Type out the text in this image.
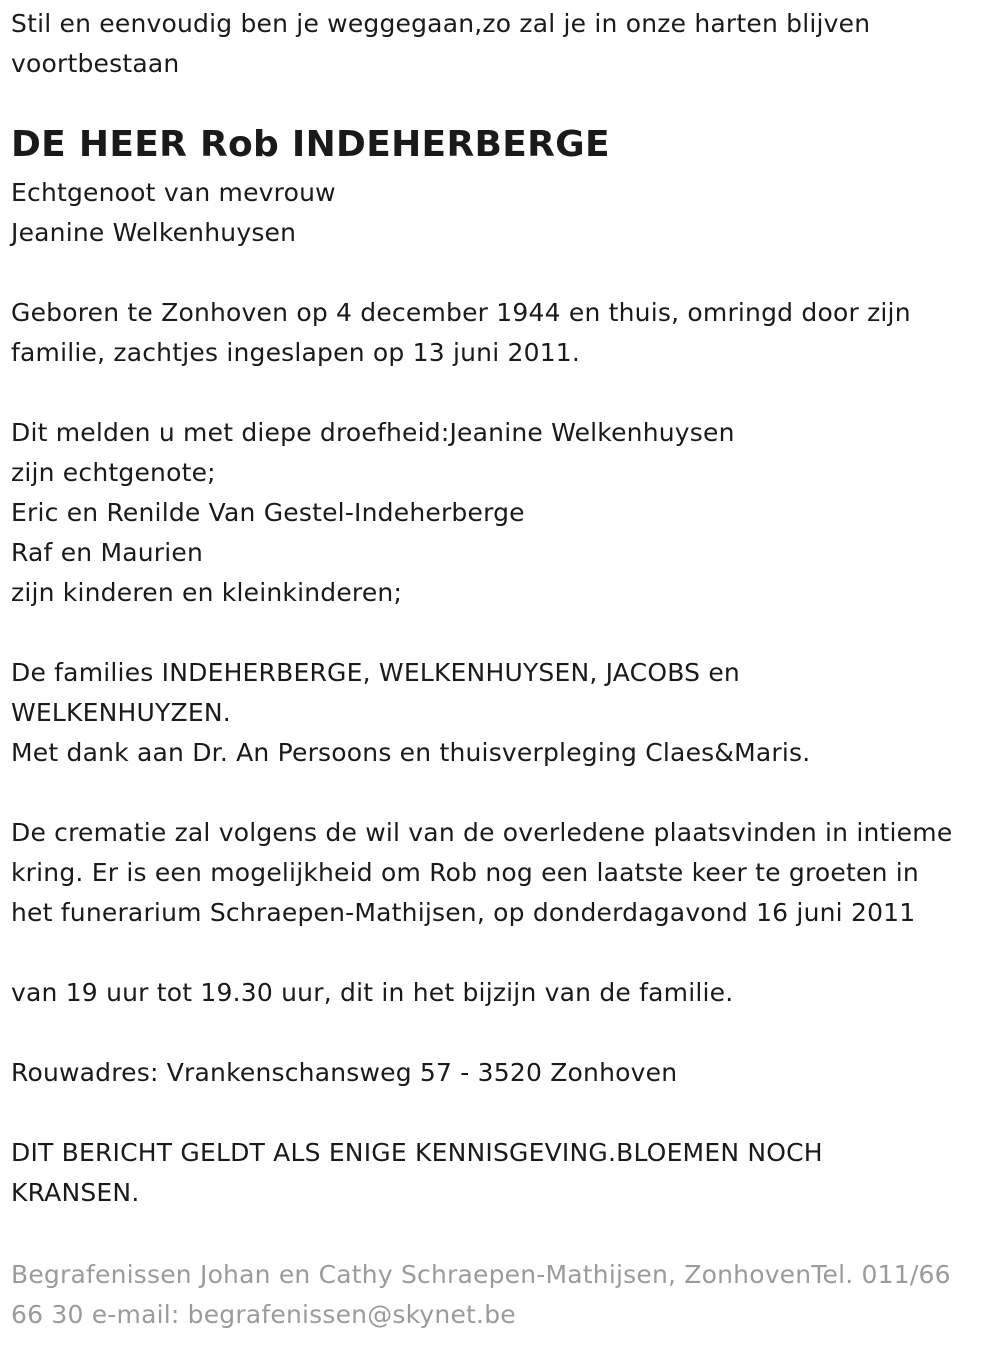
Stil en eenvoudig ben je weggegaan,zo zal je in onze harten blijven

voortbestaan

DE HEER Rob INDEHERBERGE

Echtgenoot van mevrouw

Jeanine Welkenhuysen

Geboren te Zonhoven op 4 december 1944 en thuis, omringd door zijn

familie, zachtjes ingeslapen op 13 juni 2011.

Dit melden u met diepe droefheid:Jeanine Welkenhuysen

zijn echtgenote;

Eric en Renilde Van Gestel-Indeherberge

Raf en Maurien

zijn kinderen en kleinkinderen;

De families INDEHERBERGE, WELKENHUYSEN, JACOBS en

WELKENHUYZEN.

Met dank aan Dr. An Persoons en thuisverpleging Claes&Maris.

De crematie zal volgens de wil van de overledene plaatsvinden in intieme

kring. Er is een mogelijkheid om Rob nog een laatste keer te groeten in

het funerarium Schraepen-Mathijsen, op donderdagavond 16 juni 2011

van 19 uur tot 19.30 uur, dit in het bijzijn van de familie.

Rouwadres: Vrankenschansweg 57 - 3520 Zonhoven

DIT BERICHT GELDT ALS ENIGE KENNISGEVING.BLOEMEN NOCH

KRANSEN.

Begrafenissen Johan en Cathy Schraepen-Mathijsen, ZonhovenTel. 011/66

66 30 e-mail: begrafenissen@skynet.be
